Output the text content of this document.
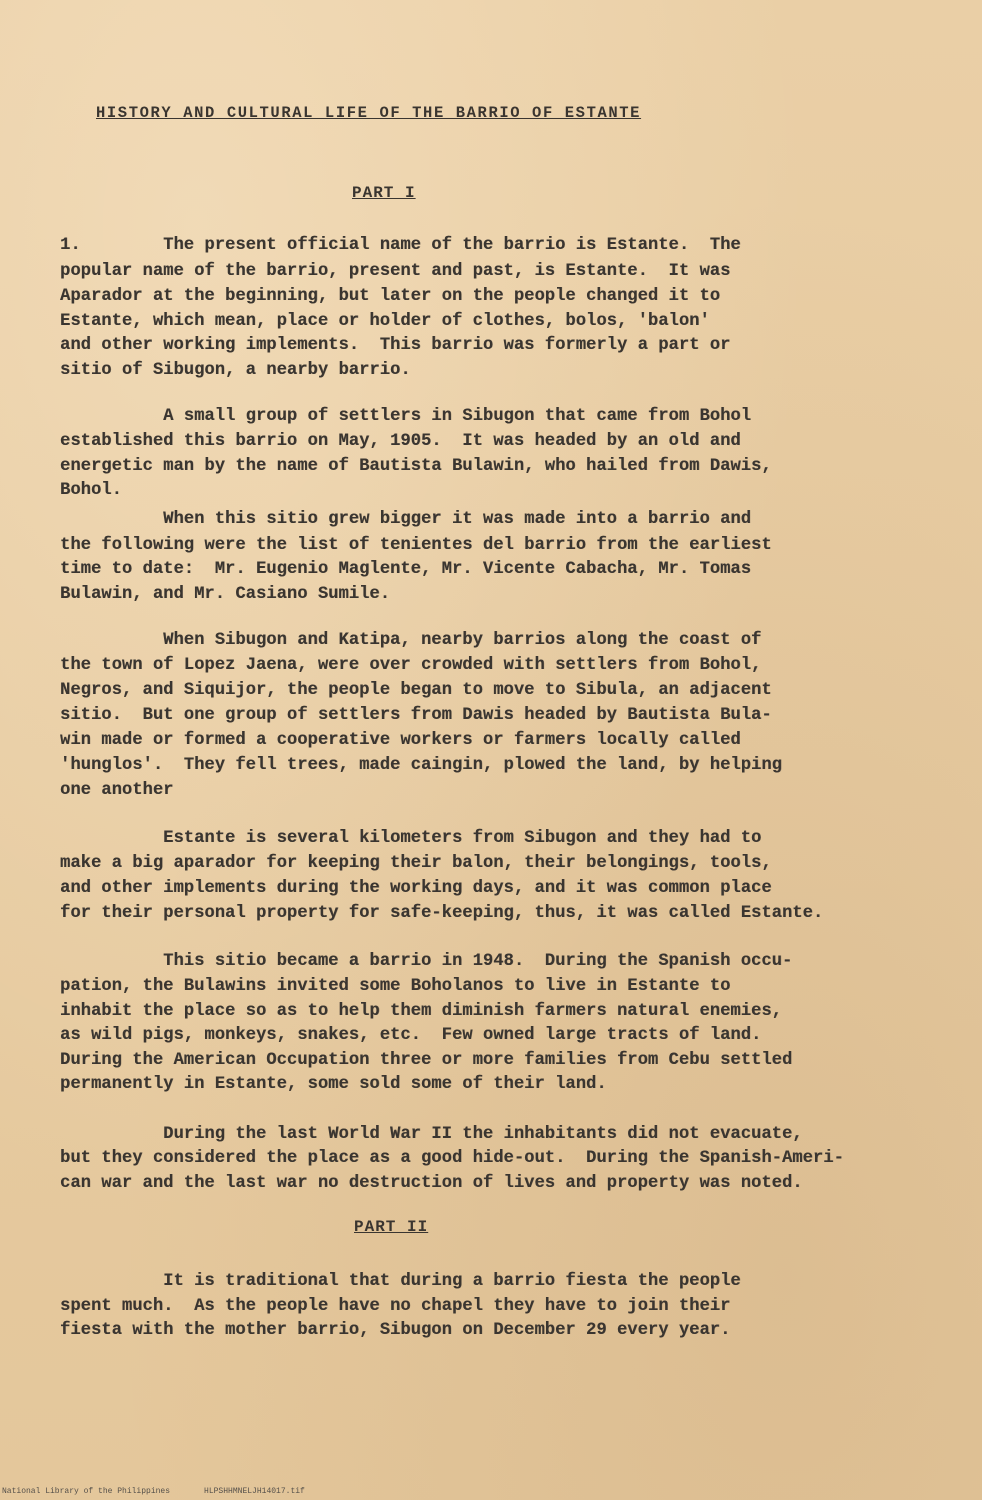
HISTORY AND CULTURAL LIFE OF THE BARRIO OF ESTANTE
PART I
1.        The present official name of the barrio is Estante.  The
popular name of the barrio, present and past, is Estante.  It was
Aparador at the beginning, but later on the people changed it to
Estante, which mean, place or holder of clothes, bolos, 'balon'
and other working implements.  This barrio was formerly a part or
sitio of Sibugon, a nearby barrio.
A small group of settlers in Sibugon that came from Bohol
established this barrio on May, 1905.  It was headed by an old and
energetic man by the name of Bautista Bulawin, who hailed from Dawis,
Bohol.
When this sitio grew bigger it was made into a barrio and
the following were the list of tenientes del barrio from the earliest
time to date:  Mr. Eugenio Maglente, Mr. Vicente Cabacha, Mr. Tomas
Bulawin, and Mr. Casiano Sumile.
When Sibugon and Katipa, nearby barrios along the coast of
the town of Lopez Jaena, were over crowded with settlers from Bohol,
Negros, and Siquijor, the people began to move to Sibula, an adjacent
sitio.  But one group of settlers from Dawis headed by Bautista Bula-
win made or formed a cooperative workers or farmers locally called
'hunglos'.  They fell trees, made caingin, plowed the land, by helping
one another
Estante is several kilometers from Sibugon and they had to
make a big aparador for keeping their balon, their belongings, tools,
and other implements during the working days, and it was common place
for their personal property for safe-keeping, thus, it was called Estante.
This sitio became a barrio in 1948.  During the Spanish occu-
pation, the Bulawins invited some Boholanos to live in Estante to
inhabit the place so as to help them diminish farmers natural enemies,
as wild pigs, monkeys, snakes, etc.  Few owned large tracts of land.
During the American Occupation three or more families from Cebu settled
permanently in Estante, some sold some of their land.
During the last World War II the inhabitants did not evacuate,
but they considered the place as a good hide-out.  During the Spanish-Ameri-
can war and the last war no destruction of lives and property was noted.
PART II
It is traditional that during a barrio fiesta the people
spent much.  As the people have no chapel they have to join their
fiesta with the mother barrio, Sibugon on December 29 every year.
National Library of the Philippines	HLPSHHMNELJH14017.tif
